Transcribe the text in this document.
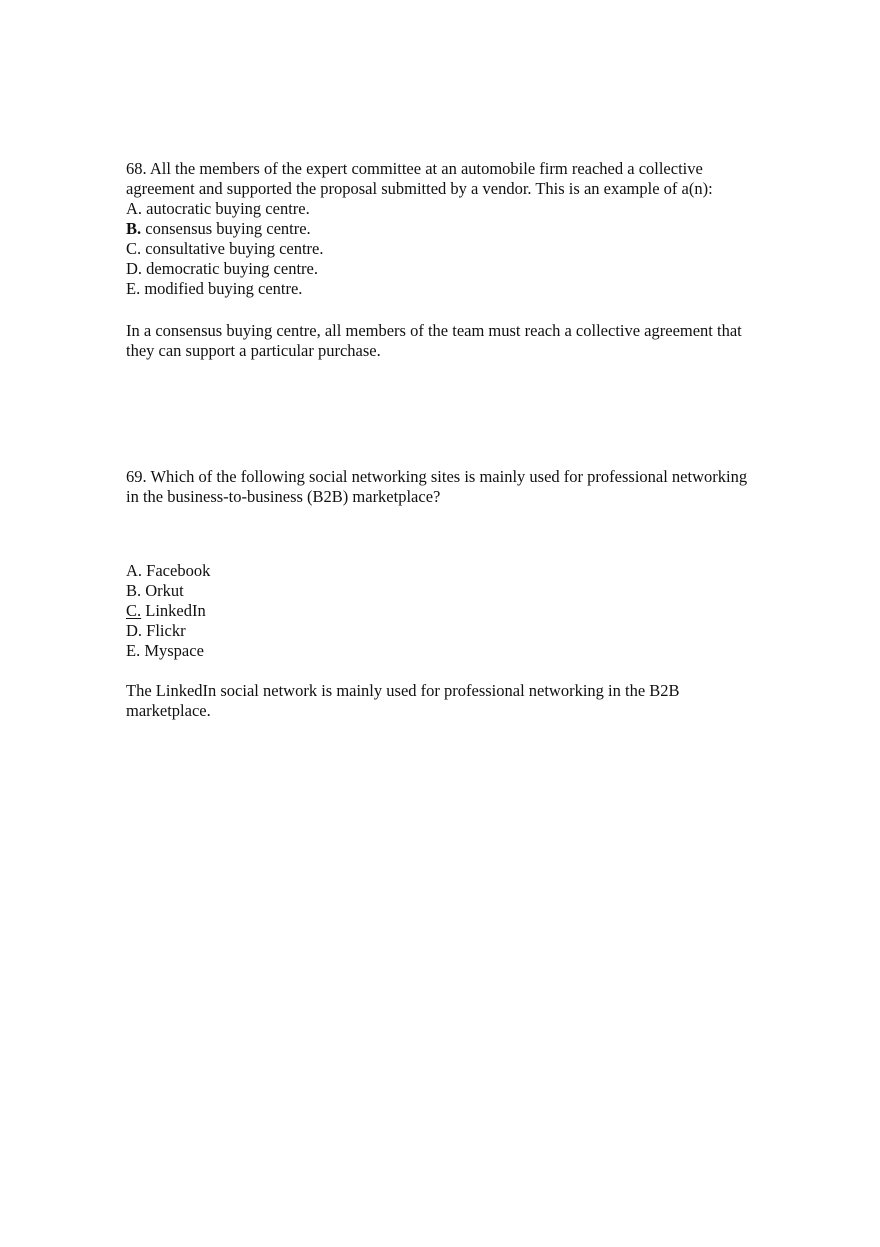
68. All the members of the expert committee at an automobile firm reached a collective
agreement and supported the proposal submitted by a vendor. This is an example of a(n):
A. autocratic buying centre.
B. consensus buying centre.
C. consultative buying centre.
D. democratic buying centre.
E. modified buying centre.
In a consensus buying centre, all members of the team must reach a collective agreement that
they can support a particular purchase.
69. Which of the following social networking sites is mainly used for professional networking
in the business-to-business (B2B) marketplace?
A. Facebook
B. Orkut
C. LinkedIn
D. Flickr
E. Myspace
The LinkedIn social network is mainly used for professional networking in the B2B
marketplace.
